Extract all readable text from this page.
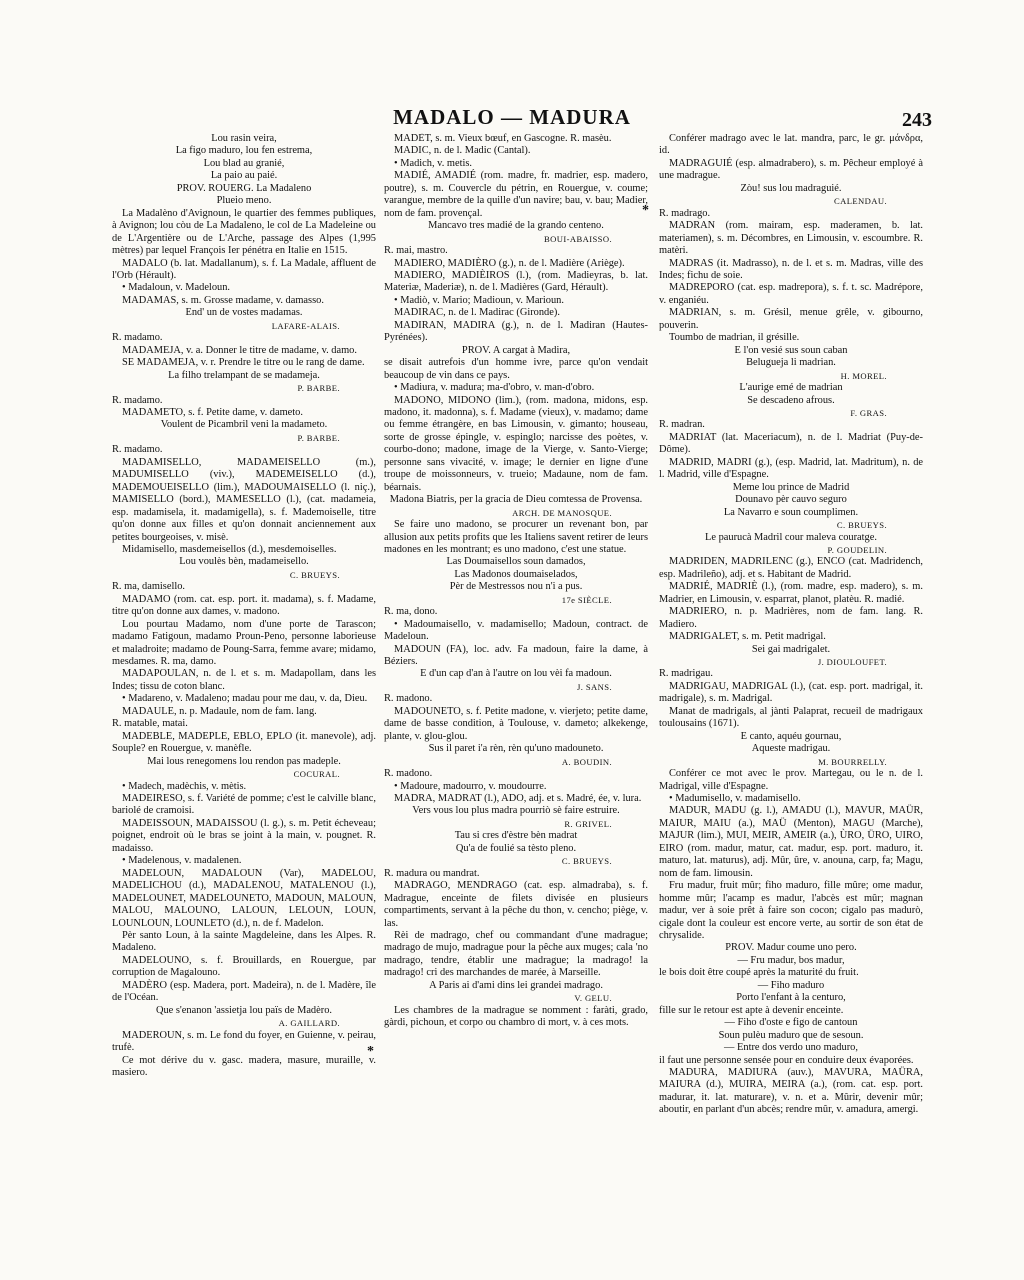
MADALO — MADURA	243

Lou rasin veira,

La figo maduro, lou fen estrema,

Lou blad au granié,

La paio au paié.

PROV. ROUERG. La Madaleno

Plueio meno.

La Madalèno d'Avignoun, le quartier des femmes publiques, à Avignon; lou còu de La Madaleno, le col de La Madeleine ou de L'Argentière ou de L'Arche, passage des Alpes (1,995 mètres) par lequel François Ier pénétra en Italie en 1515.

MADALO (b. lat. Madallanum), s. f. La Madale, affluent de l'Orb (Hérault).

• Madaloun, v. Madeloun.

MADAMAS, s. m. Grosse madame, v. damasso.

End' un de vostes madamas.

LAFARE-ALAIS.

R. madamo.

MADAMEJA, v. a. Donner le titre de madame, v. damo.

SE MADAMEJA, v. r. Prendre le titre ou le rang de dame.

La filho trelampant de se madameja.

P. BARBE.

R. madamo.

MADAMETO, s. f. Petite dame, v. dameto.

Voulent de Picambril veni la madameto.

P. BARBE.

R. madamo.

MADAMISELLO, MADAMEISELLO (m.), MADUMISELLO (viv.), MADEMEISELLO (d.), MADEMOUEISELLO (lim.), MADOUMAISELLO (l. niç.), MAMISELLO (bord.), MAMESELLO (l.), (cat. madameia, esp. madamisela, it. madamigella), s. f. Mademoiselle, titre qu'on donne aux filles et qu'on donnait anciennement aux petites bourgeoises, v. misè.

Midamisello, masdemeisellos (d.), mesdemoiselles.

Lou voulès bèn, madameisello.

C. BRUEYS.

R. ma, damisello.

MADAMO (rom. cat. esp. port. it. madama), s. f. Madame, titre qu'on donne aux dames, v. madono.

Lou pourtau Madamo, nom d'une porte de Tarascon; madamo Fatigoun, madamo Proun-Peno, personne laborieuse et maladroite; madamo de Poung-Sarra, femme avare; midamo, mesdames. R. ma, damo.

MADAPOULAN, n. de l. et s. m. Madapollam, dans les Indes; tissu de coton blanc.

• Madareno, v. Madaleno; madau pour me dau, v. da, Dieu.

MADAULE, n. p. Madaule, nom de fam. lang.

R. matable, matai.

MADEBLE, MADEPLE, EBLO, EPLO (it. manevole), adj. Souple? en Rouergue, v. manèfle.

Mai lous renegomens lou rendon pas madeple.

COCURAL.

• Madech, madèchis, v. mètis.

MADEIRESO, s. f. Variété de pomme; c'est le calville blanc, bariolé de cramoisi.

MADEISSOUN, MADAISSOU (l. g.), s. m. Petit écheveau; poignet, endroit où le bras se joint à la main, v. pougnet. R. madaisso.

• Madelenous, v. madalenen.

MADELOUN, MADALOUN (Var), MADELOU, MADELICHOU (d.), MADALENOU, MATALENOU (l.), MADELOUNET, MADELOUNETO, MADOUN, MALOUN, MALOU, MALOUNO, LALOUN, LELOUN, LOUN, LOUNLOUN, LOUNLETO (d.), n. de f. Madelon.

Pèr santo Loun, à la sainte Magdeleine, dans les Alpes. R. Madaleno.

MADELOUNO, s. f. Brouillards, en Rouergue, par corruption de Magalouno.

MADÈRO (esp. Madera, port. Madeira), n. de l. Madère, île de l'Océan.

Que s'enanon 'assietja lou païs de Madèro.

A. GAILLARD.

MADEROUN, s. m. Le fond du foyer, en Guienne, v. peirau, trufè.

Ce mot dérive du v. gasc. madera, masure, muraille, v. masiero.

MADÈT, s. m. Vieux bœuf, en Gascogne. R. masèu.

MADIC, n. de l. Madic (Cantal).

• Madich, v. metis.

MADIÉ, AMADIÉ (rom. madre, fr. madrier, esp. madero, poutre), s. m. Couvercle du pétrin, en Rouergue, v. coume; varangue, membre de la quille d'un navire; bau, v. bau; Madier, nom de fam. provençal.

Mancavo tres madié de la grando centeno.

BOUI-ABAISSO.

R. mai, mastro.

MADIERO, MADIÈRO (g.), n. de l. Madière (Ariège).

MADIERO, MADIÈIROS (l.), (rom. Madieyras, b. lat. Materiæ, Maderiæ), n. de l. Madières (Gard, Hérault).

• Madiò, v. Mario; Madioun, v. Marioun.

MADIRAC, n. de l. Madirac (Gironde).

MADIRAN, MADIRA (g.), n. de l. Madiran (Hautes-Pyrénées).

PROV. A cargat à Madira,

se disait autrefois d'un homme ivre, parce qu'on vendait beaucoup de vin dans ce pays.

• Madiura, v. madura; ma-d'obro, v. man-d'obro.

MADONO, MIDONO (lim.), (rom. madona, midons, esp. madono, it. madonna), s. f. Madame (vieux), v. madamo; dame ou femme étrangère, en bas Limousin, v. gimanto; houseau, sorte de grosse épingle, v. espinglo; narcisse des poètes, v. courbo-dono; madone, image de la Vierge, v. Santo-Vierge; personne sans vivacité, v. image; le dernier en ligne d'une troupe de moissonneurs, v. trueio; Madaune, nom de fam. béarnais.

Madona Biatris, per la gracia de Dieu comtessa de Provensa.

ARCH. DE MANOSQUE.

Se faire uno madono, se procurer un revenant bon, par allusion aux petits profits que les Italiens savent retirer de leurs madones en les montrant; es uno madono, c'est une statue.

Las Doumaisellos soun damados,

Las Madonos doumaiselados,

Pèr de Mestressos nou n'i a pus.

17e SIÈCLE.

R. ma, dono.

• Madoumaisello, v. madamisello; Madoun, contract. de Madeloun.

MADOUN (FA), loc. adv. Fa madoun, faire la dame, à Béziers.

E d'un cap d'an à l'autre on lou vèi fa madoun.

J. SANS.

R. madono.

MADOUNETO, s. f. Petite madone, v. vierjeto; petite dame, dame de basse condition, à Toulouse, v. dameto; alkekenge, plante, v. glou-glou.

Sus il paret i'a rèn, rèn qu'uno madouneto.

A. BOUDIN.

R. madono.

• Madoure, madourro, v. moudourre.

MADRA, MADRAT (l.), ADO, adj. et s. Madré, ée, v. lura.

Vers vous lou plus madra pourriò sè faire estruire.

R. GRIVEL.

Tau si cres d'èstre bèn madrat

Qu'a de foulié sa tèsto pleno.

C. BRUEYS.

R. madura ou mandrat.

MADRAGO, MENDRAGO (cat. esp. almadraba), s. f. Madrague, enceinte de filets divisée en plusieurs compartiments, servant à la pêche du thon, v. cencho; piège, v. las.

Rèi de madrago, chef ou commandant d'une madrague; madrago de mujo, madrague pour la pêche aux muges; cala 'no madrago, tendre, établir une madrague; la madrago! la madrago! cri des marchandes de marée, à Marseille.

A Paris ai d'ami dins lei grandei madrago.

V. GELU.

Les chambres de la madrague se nomment : faràti, grado, gàrdi, pichoun, et corpo ou chambro di mort, v. à ces mots.

Conférer madrago avec le lat. mandra, parc, le gr. μάνδρα, id.

MADRAGUIÉ (esp. almadrabero), s. m. Pêcheur employé à une madrague.

Zòu! sus lou madraguié.

CALENDAU.

R. madrago.

MADRAN (rom. mairam, esp. maderamen, b. lat. materiamen), s. m. Décombres, en Limousin, v. escoumbre. R. matèri.

MADRAS (it. Madrasso), n. de l. et s. m. Madras, ville des Indes; fichu de soie.

MADREPORO (cat. esp. madrepora), s. f. t. sc. Madrépore, v. enganiéu.

MADRIAN, s. m. Grésil, menue grêle, v. gibourno, pouverin.

Toumbo de madrian, il grésille.

E l'on vesié sus soun caban

Belugueja li madrian.

H. MOREL.

L'aurige emé de madrian

Se descadeno afrous.

F. GRAS.

R. madran.

MADRIAT (lat. Maceriacum), n. de l. Madriat (Puy-de-Dôme).

MADRID, MADRI (g.), (esp. Madrid, lat. Madritum), n. de l. Madrid, ville d'Espagne.

Meme lou prince de Madrid

Dounavo pèr cauvo seguro

La Navarro e soun coumplimen.

C. BRUEYS.

Le paurucà Madril cour maleva couratge.

P. GOUDELIN.

MADRIDEN, MADRILENC (g.), ENCO (cat. Madridench, esp. Madrileño), adj. et s. Habitant de Madrid.

MADRIÉ, MADRIÈ (l.), (rom. madre, esp. madero), s. m. Madrier, en Limousin, v. esparrat, planot, platèu. R. madié.

MADRIERO, n. p. Madrières, nom de fam. lang. R. Madiero.

MADRIGALET, s. m. Petit madrigal.

Sei gai madrigalet.

J. DIOULOUFET.

R. madrigau.

MADRIGAU, MADRIGAL (l.), (cat. esp. port. madrigal, it. madrigale), s. m. Madrigal.

Manat de madrigals, al jànti Palaprat, recueil de madrigaux toulousains (1671).

E canto, aquéu gournau,

Aqueste madrigau.

M. BOURRELLY.

Conférer ce mot avec le prov. Martegau, ou le n. de l. Madrigal, ville d'Espagne.

• Madumisello, v. madamisello.

MADUR, MADU (g. l.), AMADU (l.), MAVUR, MAÜR, MAIUR, MAIU (a.), MAÜ (Menton), MAGU (Marche), MAJUR (lim.), MUI, MEIR, AMEIR (a.), ÙRO, ÜRO, UIRO, EIRO (rom. madur, matur, cat. madur, esp. port. maduro, it. maturo, lat. maturus), adj. Mûr, ûre, v. anouna, carp, fa; Magu, nom de fam. limousin.

Fru madur, fruit mûr; fiho maduro, fille mûre; ome madur, homme mûr; l'acamp es madur, l'abcès est mûr; magnan madur, ver à soie prêt à faire son cocon; cigalo pas madurò, cigale dont la couleur est encore verte, au sortir de son état de chrysalide.

PROV. Madur coume uno pero.

— Fru madur, bos madur,

le bois doit être coupé après la maturité du fruit.

— Fiho maduro

Porto l'enfant à la centuro,

fille sur le retour est apte à devenir enceinte.

— Fiho d'oste e figo de cantoun

Soun pulèu maduro que de sesoun.

— Entre dos verdo uno maduro,

il faut une personne sensée pour en conduire deux évaporées.

MADURA, MADIURA (auv.), MAVURA, MAÜRA, MAIURA (d.), MUIRA, MEIRA (a.), (rom. cat. esp. port. madurar, it. lat. maturare), v. n. et a. Mûrir, devenir mûr; aboutir, en parlant d'un abcès; rendre mûr, v. amadura, amergi.

*
*
